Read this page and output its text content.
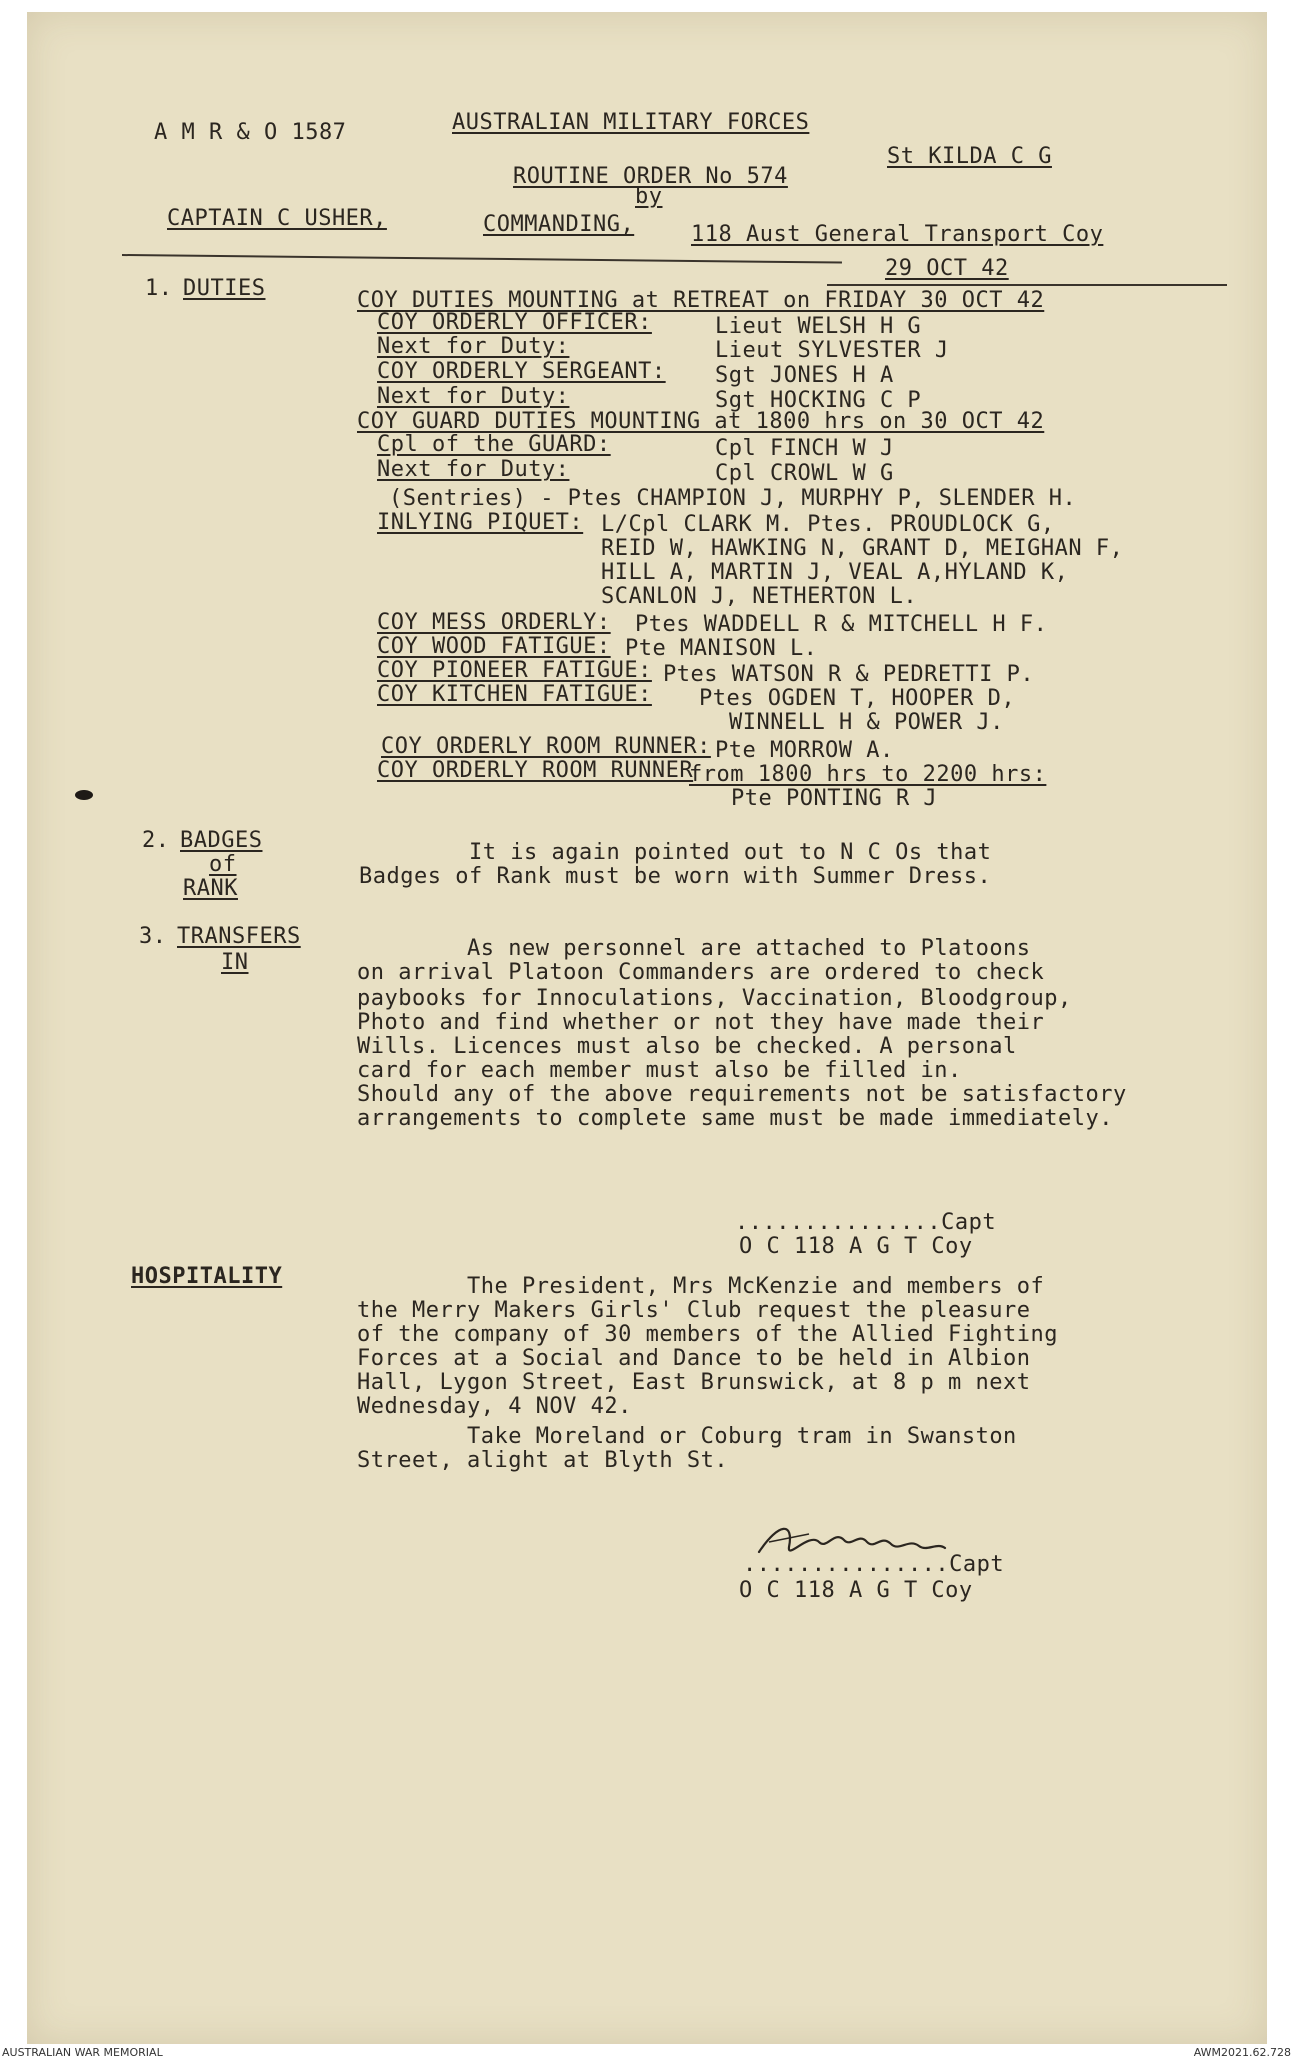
A M R & O 1587	AUSTRALIAN MILITARY FORCES
St KILDA C G
ROUTINE ORDER No 574
by
CAPTAIN C USHER,	COMMANDING,	118 Aust General Transport Coy
29 OCT 42
1. DUTIES	COY DUTIES MOUNTING at RETREAT on FRIDAY 30 OCT 42
COY ORDERLY OFFICER:	Lieut WELSH H G
Next for Duty:	Lieut SYLVESTER J
COY ORDERLY SERGEANT: Sgt JONES H A
Next for Duty:	Sgt HOCKING C P
COY GUARD DUTIES MOUNTING at 1800 hrs on 30 OCT 42
Cpl of the GUARD:	Cpl FINCH W J
Next for Duty:	Cpl CROWL W G
(Sentries) - Ptes CHAMPION J, MURPHY P, SLENDER H.
INLYING PIQUET: L/Cpl CLARK M. Ptes. PROUDLOCK G,
REID W, HAWKING N, GRANT D, MEIGHAN F,
HILL A, MARTIN J, VEAL A,HYLAND K,
SCANLON J, NETHERTON L.
COY MESS ORDERLY: Ptes WADDELL R & MITCHELL H F.
COY WOOD FATIGUE: Pte MANISON L.
COY PIONEER FATIGUE: Ptes WATSON R & PEDRETTI P.
COY KITCHEN FATIGUE: Ptes OGDEN T, HOOPER D,
WINNELL H & POWER J.
COY ORDERLY ROOM RUNNER: Pte MORROW A.
COY ORDERLY ROOM RUNNER
from 1800 hrs to 2200 hrs:
Pte PONTING R J
2. BADGES
of
RANK
It is again pointed out to N C Os that
Badges of Rank must be worn with Summer Dress.
3. TRANSFERS
IN
As new personnel are attached to Platoons
on arrival Platoon Commanders are ordered to check
paybooks for Innoculations, Vaccination, Bloodgroup,
Photo and find whether or not they have made their
Wills. Licences must also be checked. A personal
card for each member must also be filled in.
Should any of the above requirements not be satisfactory
arrangements to complete same must be made immediately.
...............Capt
O C 118 A G T Coy
HOSPITALITY	The President, Mrs McKenzie and members of
the Merry Makers Girls' Club request the pleasure
of the company of 30 members of the Allied Fighting
Forces at a Social and Dance to be held in Albion
Hall, Lygon Street, East Brunswick, at 8 p m next
Wednesday, 4 NOV 42.
Take Moreland or Coburg tram in Swanston
Street, alight at Blyth St.
...............Capt
O C 118 A G T Coy
AUSTRALIAN WAR MEMORIAL	AWM2021.62.728
